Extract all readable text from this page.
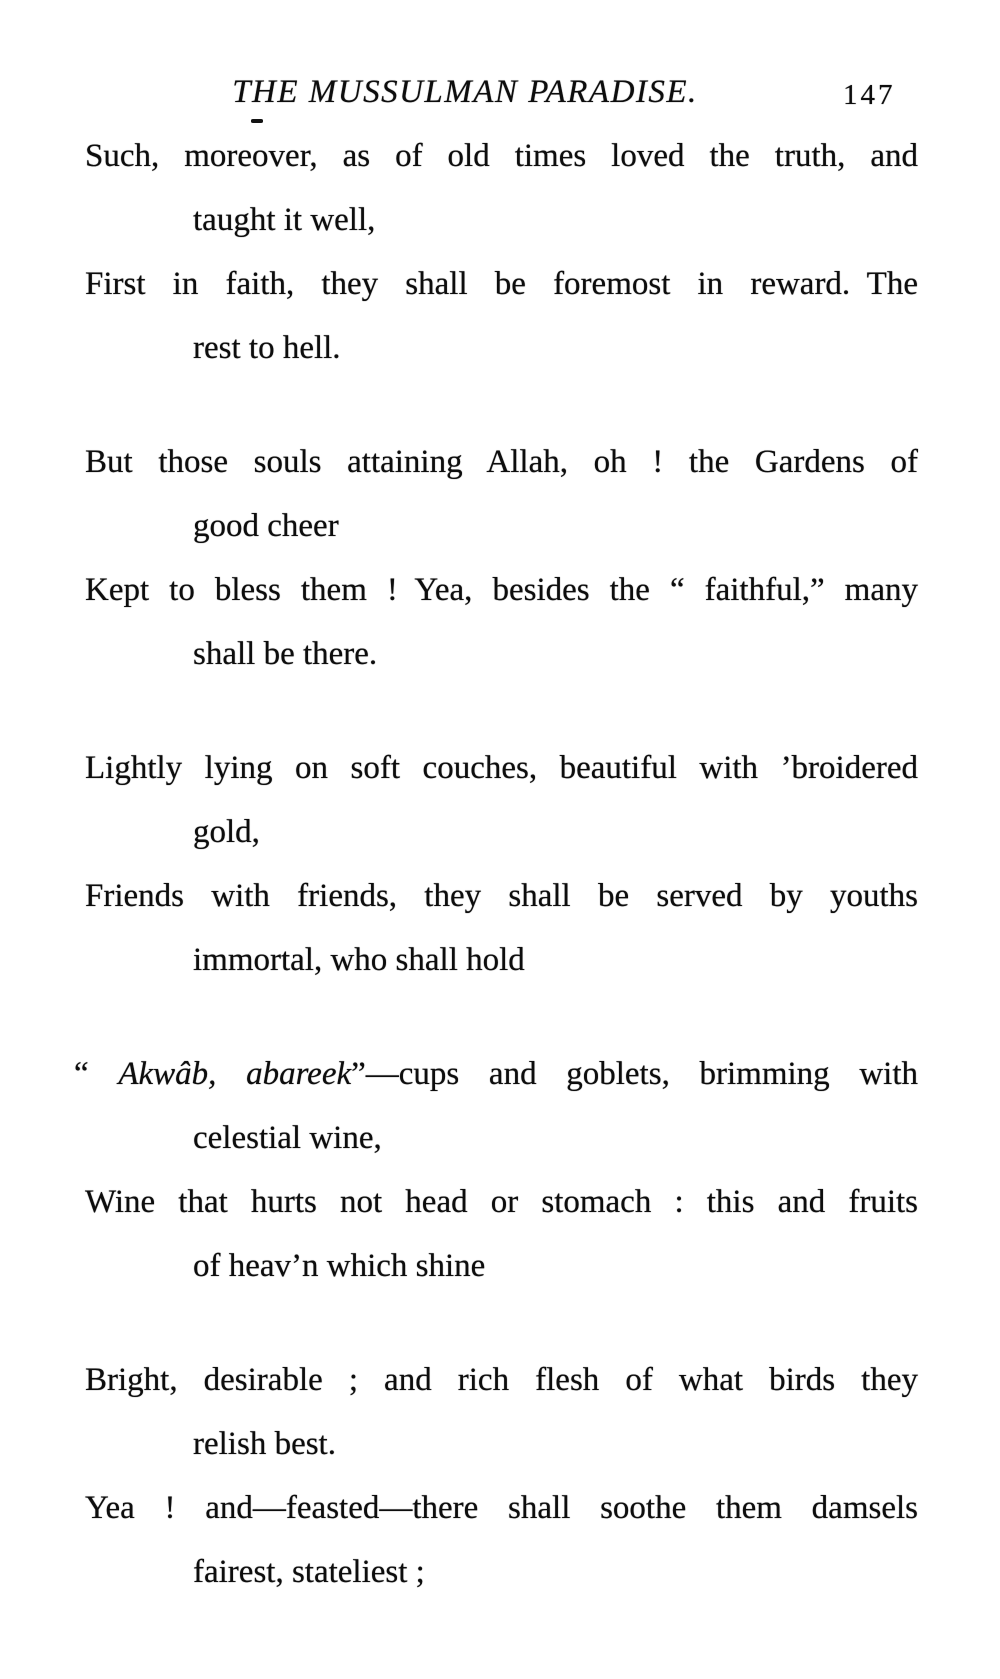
THE MUSSULMAN PARADISE.	147

Such, moreover, as of old times loved the truth, and

taught it well,

First in faith, they shall be foremost in reward. The

rest to hell.

But those souls attaining Allah, oh ! the Gardens of

good cheer

Kept to bless them ! Yea, besides the “ faithful,” many

shall be there.

Lightly lying on soft couches, beautiful with ’broidered

gold,

Friends with friends, they shall be served by youths

immortal, who shall hold

“ Akwâb, abareek”—cups and goblets, brimming with

celestial wine,

Wine that hurts not head or stomach : this and fruits

of heav’n which shine

Bright, desirable ; and rich flesh of what birds they

relish best.

Yea ! and—feasted—there shall soothe them damsels

fairest, stateliest ;
